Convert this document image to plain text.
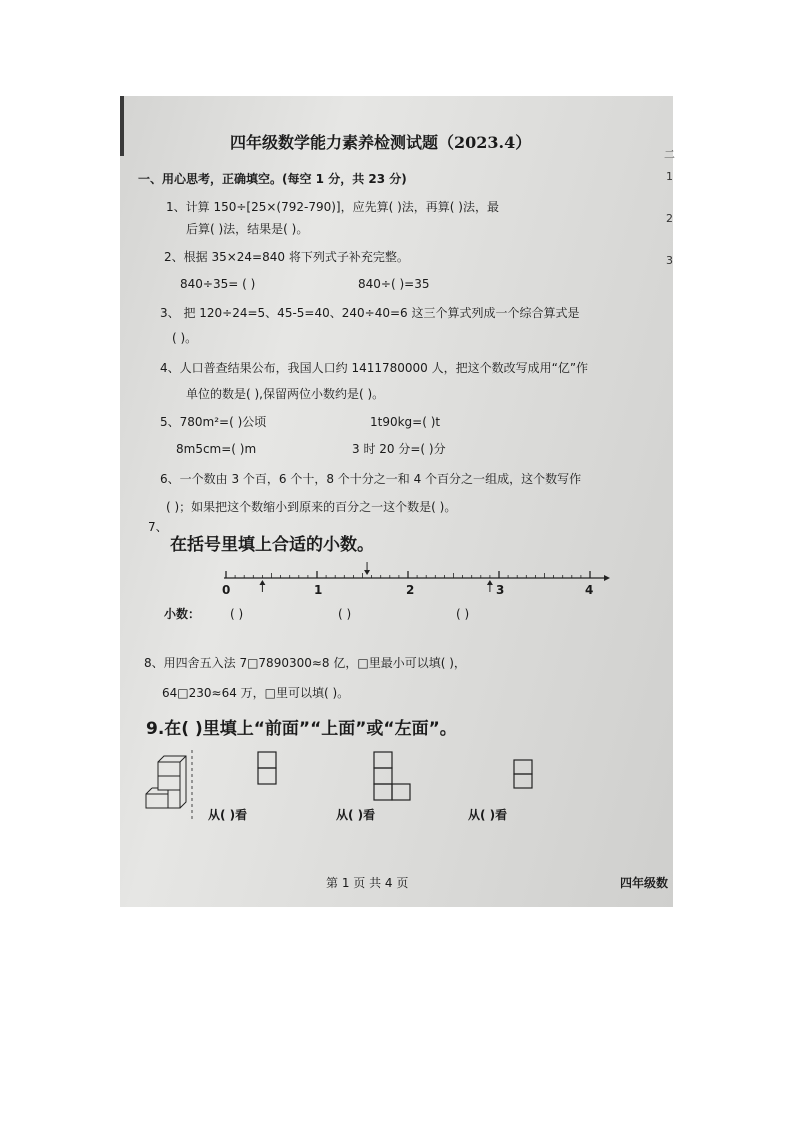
四年级数学能力素养检测试题（2023.4）
一、用心思考，正确填空。(每空 1 分，共 23 分)
1、计算 150÷[25×(792-790)]，应先算( )法，再算( )法，最
后算( )法，结果是( )。
2、根据 35×24=840 将下列式子补充完整。
840÷35= ( )	840÷( )=35
3、 把 120÷24=5、45-5=40、240÷40=6 这三个算式列成一个综合算式是
( )。
4、人口普查结果公布，我国人口约 1411780000 人，把这个数改写成用“亿”作
单位的数是( ),保留两位小数约是( )。
5、780m²=( )公顷	1t90kg=( )t
8m5cm=( )m	3 时 20 分=( )分
6、一个数由 3 个百，6 个十，8 个十分之一和 4 个百分之一组成，这个数写作
( )；如果把这个数缩小到原来的百分之一这个数是( )。
7、
在括号里填上合适的小数。
0	1	2	3	4
小数： ( )	( )	( )
8、用四舍五入法 7□7890300≈8 亿，□里最小可以填( )，
64□230≈64 万，□里可以填( )。
9.在( )里填上“前面”“上面”或“左面”。
从( )看	从( )看	从( )看
第 1 页 共 4 页	四年级数
二
1
2
3
